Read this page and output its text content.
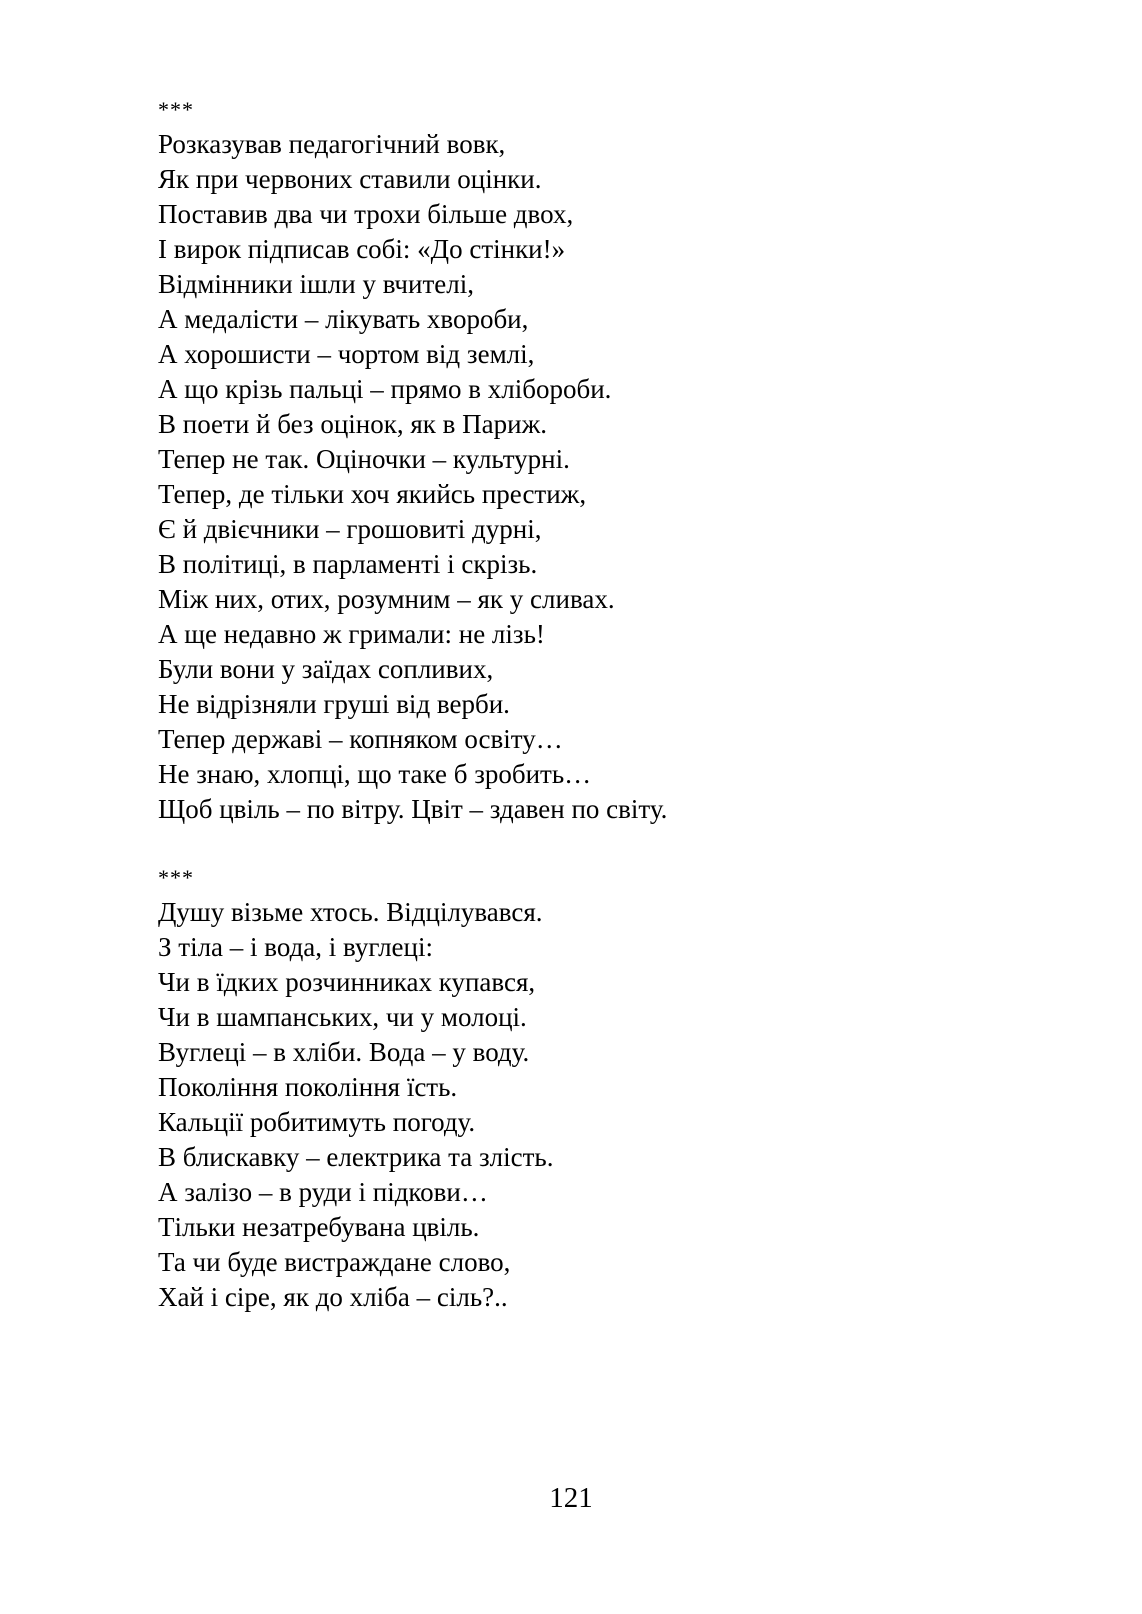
***
Розказував педагогічний вовк,
Як при червоних ставили оцінки.
Поставив два чи трохи більше двох,
І вирок підписав собі: «До стінки!»
Відмінники ішли у вчителі,
А медалісти – лікувать хвороби,
А хорошисти – чортом від землі,
А що крізь пальці – прямо в хлібороби.
В поети й без оцінок, як в Париж.
Тепер не так. Оціночки – культурні.
Тепер, де тільки хоч якийсь престиж,
Є й двієчники – грошовиті дурні,
В політиці, в парламенті і скрізь.
Між них, отих, розумним – як у сливах.
А ще недавно ж гримали: не лізь!
Були вони у заїдах сопливих,
Не відрізняли груші від верби.
Тепер державі – копняком освіту…
Не знаю, хлопці, що таке б зробить…
Щоб цвіль – по вітру. Цвіт – здавен по світу.
***
Душу візьме хтось. Відцілувався.
З тіла – і вода, і вуглеці:
Чи в їдких розчинниках купався,
Чи в шампанських, чи у молоці.
Вуглеці – в хліби. Вода – у воду.
Покоління покоління їсть.
Кальції робитимуть погоду.
В блискавку – електрика та злість.
А залізо – в руди і підкови…
Тільки незатребувана цвіль.
Та чи буде вистраждане слово,
Хай і сіре, як до хліба – сіль?..
121
